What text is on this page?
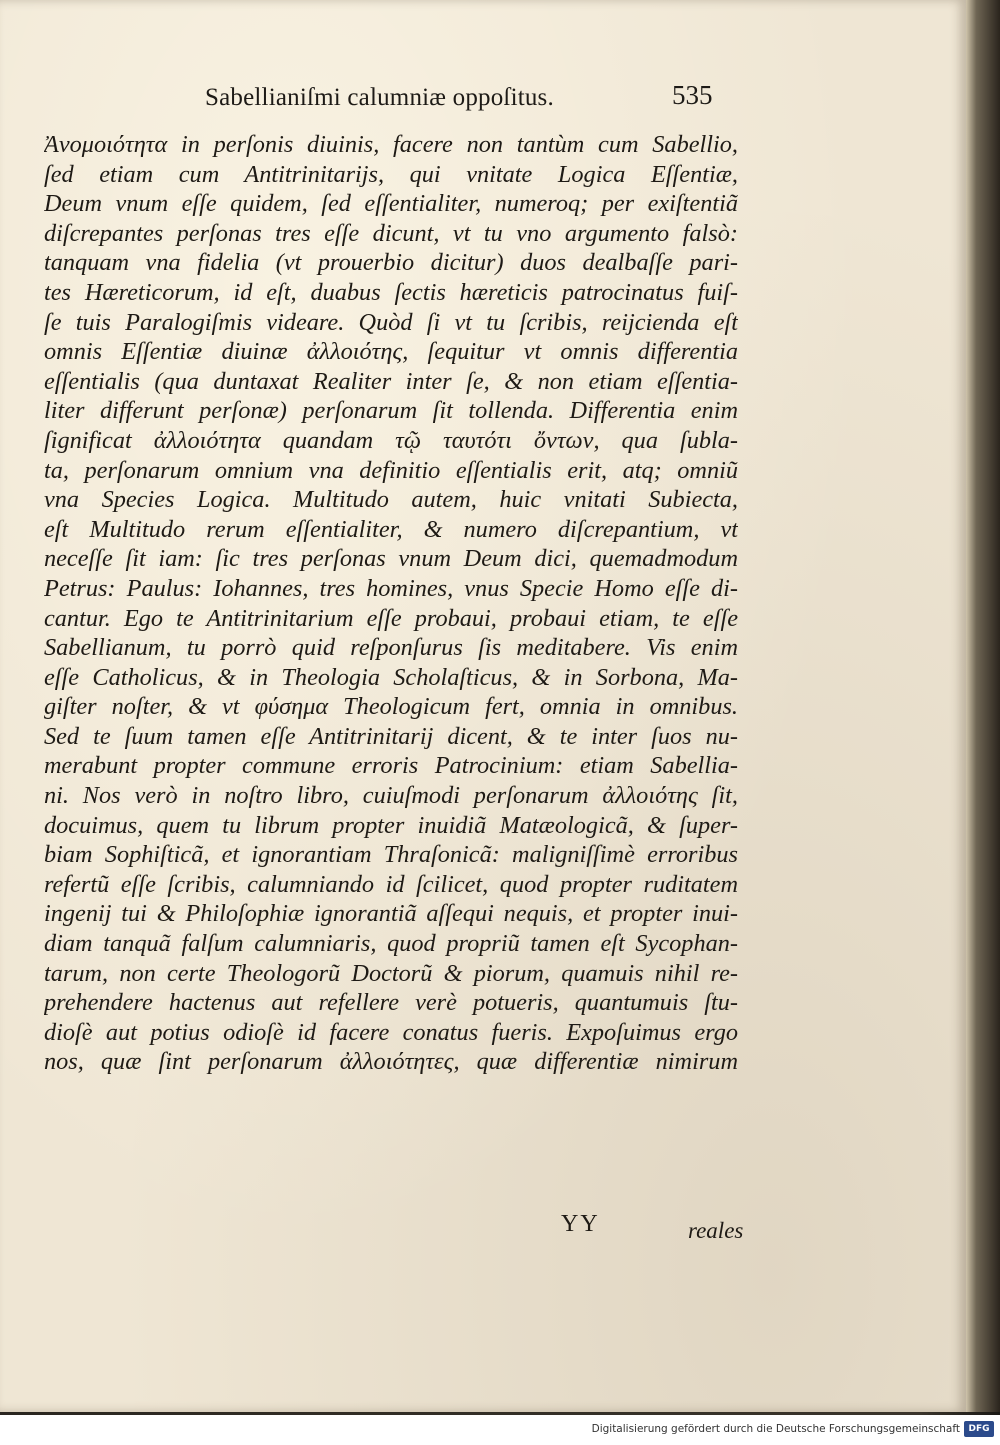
Sabellianiſmi calumniæ oppoſitus.	535
Ἀνομοιότητα in perſonis diuinis, facere non tantùm cum Sabellio,
ſed etiam cum Antitrinitarijs, qui vnitate Logica Eſſentiæ,
Deum vnum eſſe quidem, ſed eſſentialiter, numeroq; per exiſtentiã
diſcrepantes perſonas tres eſſe dicunt, vt tu vno argumento falsò:
tanquam vna fidelia (vt prouerbio dicitur) duos dealbaſſe pari-
tes Hæreticorum, id eſt, duabus ſectis hæreticis patrocinatus fuiſ-
ſe tuis Paralogiſmis videare. Quòd ſi vt tu ſcribis, reijcienda eſt
omnis Eſſentiæ diuinæ ἀλλοιότης, ſequitur vt omnis differentia
eſſentialis (qua duntaxat Realiter inter ſe, & non etiam eſſentia-
liter differunt perſonæ) perſonarum ſit tollenda. Differentia enim
ſignificat ἀλλοιότητα quandam τῷ ταυτότι ὄντων, qua ſubla-
ta, perſonarum omnium vna definitio eſſentialis erit, atq; omniũ
vna Species Logica. Multitudo autem, huic vnitati Subiecta,
eſt Multitudo rerum eſſentialiter, & numero diſcrepantium, vt
neceſſe ſit iam: ſic tres perſonas vnum Deum dici, quemadmodum
Petrus: Paulus: Iohannes, tres homines, vnus Specie Homo eſſe di-
cantur. Ego te Antitrinitarium eſſe probaui, probaui etiam, te eſſe
Sabellianum, tu porrò quid reſponſurus ſis meditabere. Vis enim
eſſe Catholicus, & in Theologia Scholaſticus, & in Sorbona, Ma-
giſter noſter, & vt φύσημα Theologicum fert, omnia in omnibus.
Sed te ſuum tamen eſſe Antitrinitarij dicent, & te inter ſuos nu-
merabunt propter commune erroris Patrocinium: etiam Sabellia-
ni. Nos verò in noſtro libro, cuiuſmodi perſonarum ἀλλοιότης ſit,
docuimus, quem tu librum propter inuidiã Matæologicã, & ſuper-
biam Sophiſticã, et ignorantiam Thraſonicã: maligniſſimè erroribus
refertũ eſſe ſcribis, calumniando id ſcilicet, quod propter ruditatem
ingenij tui & Philoſophiæ ignorantiã aſſequi nequis, et propter inui-
diam tanquã falſum calumniaris, quod propriũ tamen eſt Sycophan-
tarum, non certe Theologorũ Doctorũ & piorum, quamuis nihil re-
prehendere hactenus aut refellere verè potueris, quantumuis ſtu-
dioſè aut potius odioſè id facere conatus fueris. Expoſuimus ergo
nos, quæ ſint perſonarum ἀλλοιότητες, quæ differentiæ nimirum
YY	reales
Digitalisierung gefördert durch die Deutsche Forschungsgemeinschaft DFG
